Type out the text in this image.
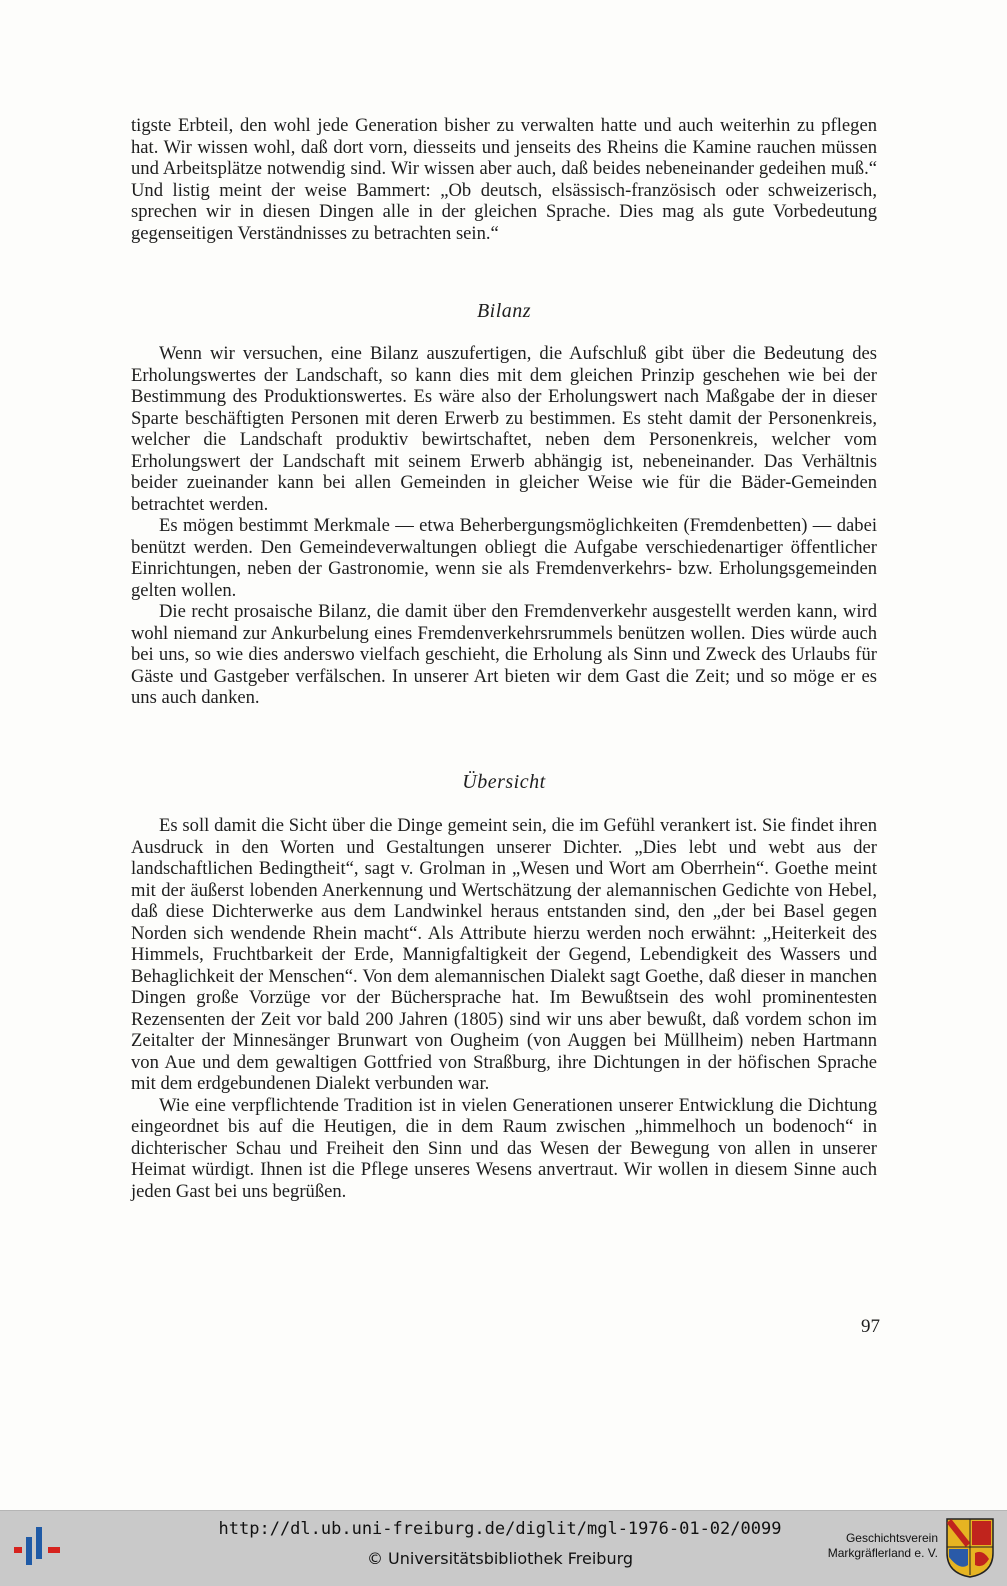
tigste Erbteil, den wohl jede Generation bisher zu verwalten hatte und auch weiterhin zu pflegen hat. Wir wissen wohl, daß dort vorn, diesseits und jenseits des Rheins die Kamine rauchen müssen und Arbeitsplätze notwendig sind. Wir wissen aber auch, daß beides nebeneinander gedeihen muß.“ Und listig meint der weise Bammert: „Ob deutsch, elsässisch-französisch oder schweizerisch, sprechen wir in diesen Dingen alle in der gleichen Sprache. Dies mag als gute Vorbedeutung gegenseitigen Verständnisses zu betrachten sein.“

Bilanz

Wenn wir versuchen, eine Bilanz auszufertigen, die Aufschluß gibt über die Bedeutung des Erholungswertes der Landschaft, so kann dies mit dem gleichen Prinzip geschehen wie bei der Bestimmung des Produktionswertes. Es wäre also der Erholungswert nach Maßgabe der in dieser Sparte beschäftigten Personen mit deren Erwerb zu bestimmen. Es steht damit der Personenkreis, welcher die Landschaft produktiv bewirtschaftet, neben dem Personenkreis, welcher vom Erholungswert der Landschaft mit seinem Erwerb abhängig ist, nebeneinander. Das Verhältnis beider zueinander kann bei allen Gemeinden in gleicher Weise wie für die Bäder-Gemeinden betrachtet werden.

Es mögen bestimmt Merkmale — etwa Beherbergungsmöglichkeiten (Fremdenbetten) — dabei benützt werden. Den Gemeindeverwaltungen obliegt die Aufgabe verschiedenartiger öffentlicher Einrichtungen, neben der Gastronomie, wenn sie als Fremdenverkehrs- bzw. Erholungsgemeinden gelten wollen.

Die recht prosaische Bilanz, die damit über den Fremdenverkehr ausgestellt werden kann, wird wohl niemand zur Ankurbelung eines Fremdenverkehrsrummels benützen wollen. Dies würde auch bei uns, so wie dies anderswo vielfach geschieht, die Erholung als Sinn und Zweck des Urlaubs für Gäste und Gastgeber verfälschen. In unserer Art bieten wir dem Gast die Zeit; und so möge er es uns auch danken.

Übersicht

Es soll damit die Sicht über die Dinge gemeint sein, die im Gefühl verankert ist. Sie findet ihren Ausdruck in den Worten und Gestaltungen unserer Dichter. „Dies lebt und webt aus der landschaftlichen Bedingtheit“, sagt v. Grolman in „Wesen und Wort am Oberrhein“. Goethe meint mit der äußerst lobenden Anerkennung und Wertschätzung der alemannischen Gedichte von Hebel, daß diese Dichterwerke aus dem Landwinkel heraus entstanden sind, den „der bei Basel gegen Norden sich wendende Rhein macht“. Als Attribute hierzu werden noch erwähnt: „Heiterkeit des Himmels, Fruchtbarkeit der Erde, Mannigfaltigkeit der Gegend, Lebendigkeit des Wassers und Behaglichkeit der Menschen“. Von dem alemannischen Dialekt sagt Goethe, daß dieser in manchen Dingen große Vorzüge vor der Büchersprache hat. Im Bewußtsein des wohl prominentesten Rezensenten der Zeit vor bald 200 Jahren (1805) sind wir uns aber bewußt, daß vordem schon im Zeitalter der Minnesänger Brunwart von Ougheim (von Auggen bei Müllheim) neben Hartmann von Aue und dem gewaltigen Gottfried von Straßburg, ihre Dichtungen in der höfischen Sprache mit dem erdgebundenen Dialekt verbunden war.

Wie eine verpflichtende Tradition ist in vielen Generationen unserer Entwicklung die Dichtung eingeordnet bis auf die Heutigen, die in dem Raum zwischen „himmelhoch un bodenoch“ in dichterischer Schau und Freiheit den Sinn und das Wesen der Bewegung von allen in unserer Heimat würdigt. Ihnen ist die Pflege unseres Wesens anvertraut. Wir wollen in diesem Sinne auch jeden Gast bei uns begrüßen.

97
http://dl.ub.uni-freiburg.de/diglit/mgl-1976-01-02/0099
© Universitätsbibliothek Freiburg
Geschichtsverein
Markgräflerland e. V.
